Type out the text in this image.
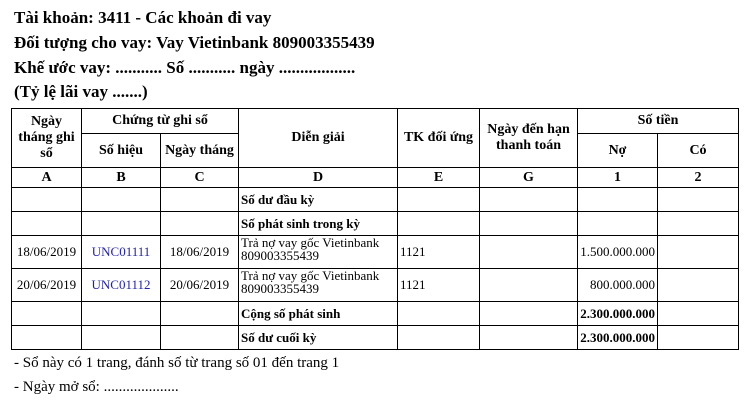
Tài khoản: 3411 - Các khoản đi vay
Đối tượng cho vay: Vay Vietinbank 809003355439
Khế ước vay: ........... Số ........... ngày ..................
(Tỷ lệ lãi vay .......)
Ngày tháng ghi sổ	Chứng từ ghi sổ		Diễn giải	TK đối ứng	Ngày đến hạn thanh toán	Số tiền	
	Số hiệu	Ngày tháng				Nợ	Có
A	B	C	D	E	G	1	2
			Số dư đầu kỳ				
			Số phát sinh trong kỳ				
18/06/2019	UNC01111	18/06/2019	Trả nợ vay gốc Vietinbank 809003355439	1121		1.500.000.000	
20/06/2019	UNC01112	20/06/2019	Trả nợ vay gốc Vietinbank 809003355439	1121		800.000.000	
			Cộng số phát sinh			2.300.000.000	
			Số dư cuối kỳ			2.300.000.000	
- Sổ này có 1 trang, đánh số từ trang số 01 đến trang 1
- Ngày mở sổ: ....................
